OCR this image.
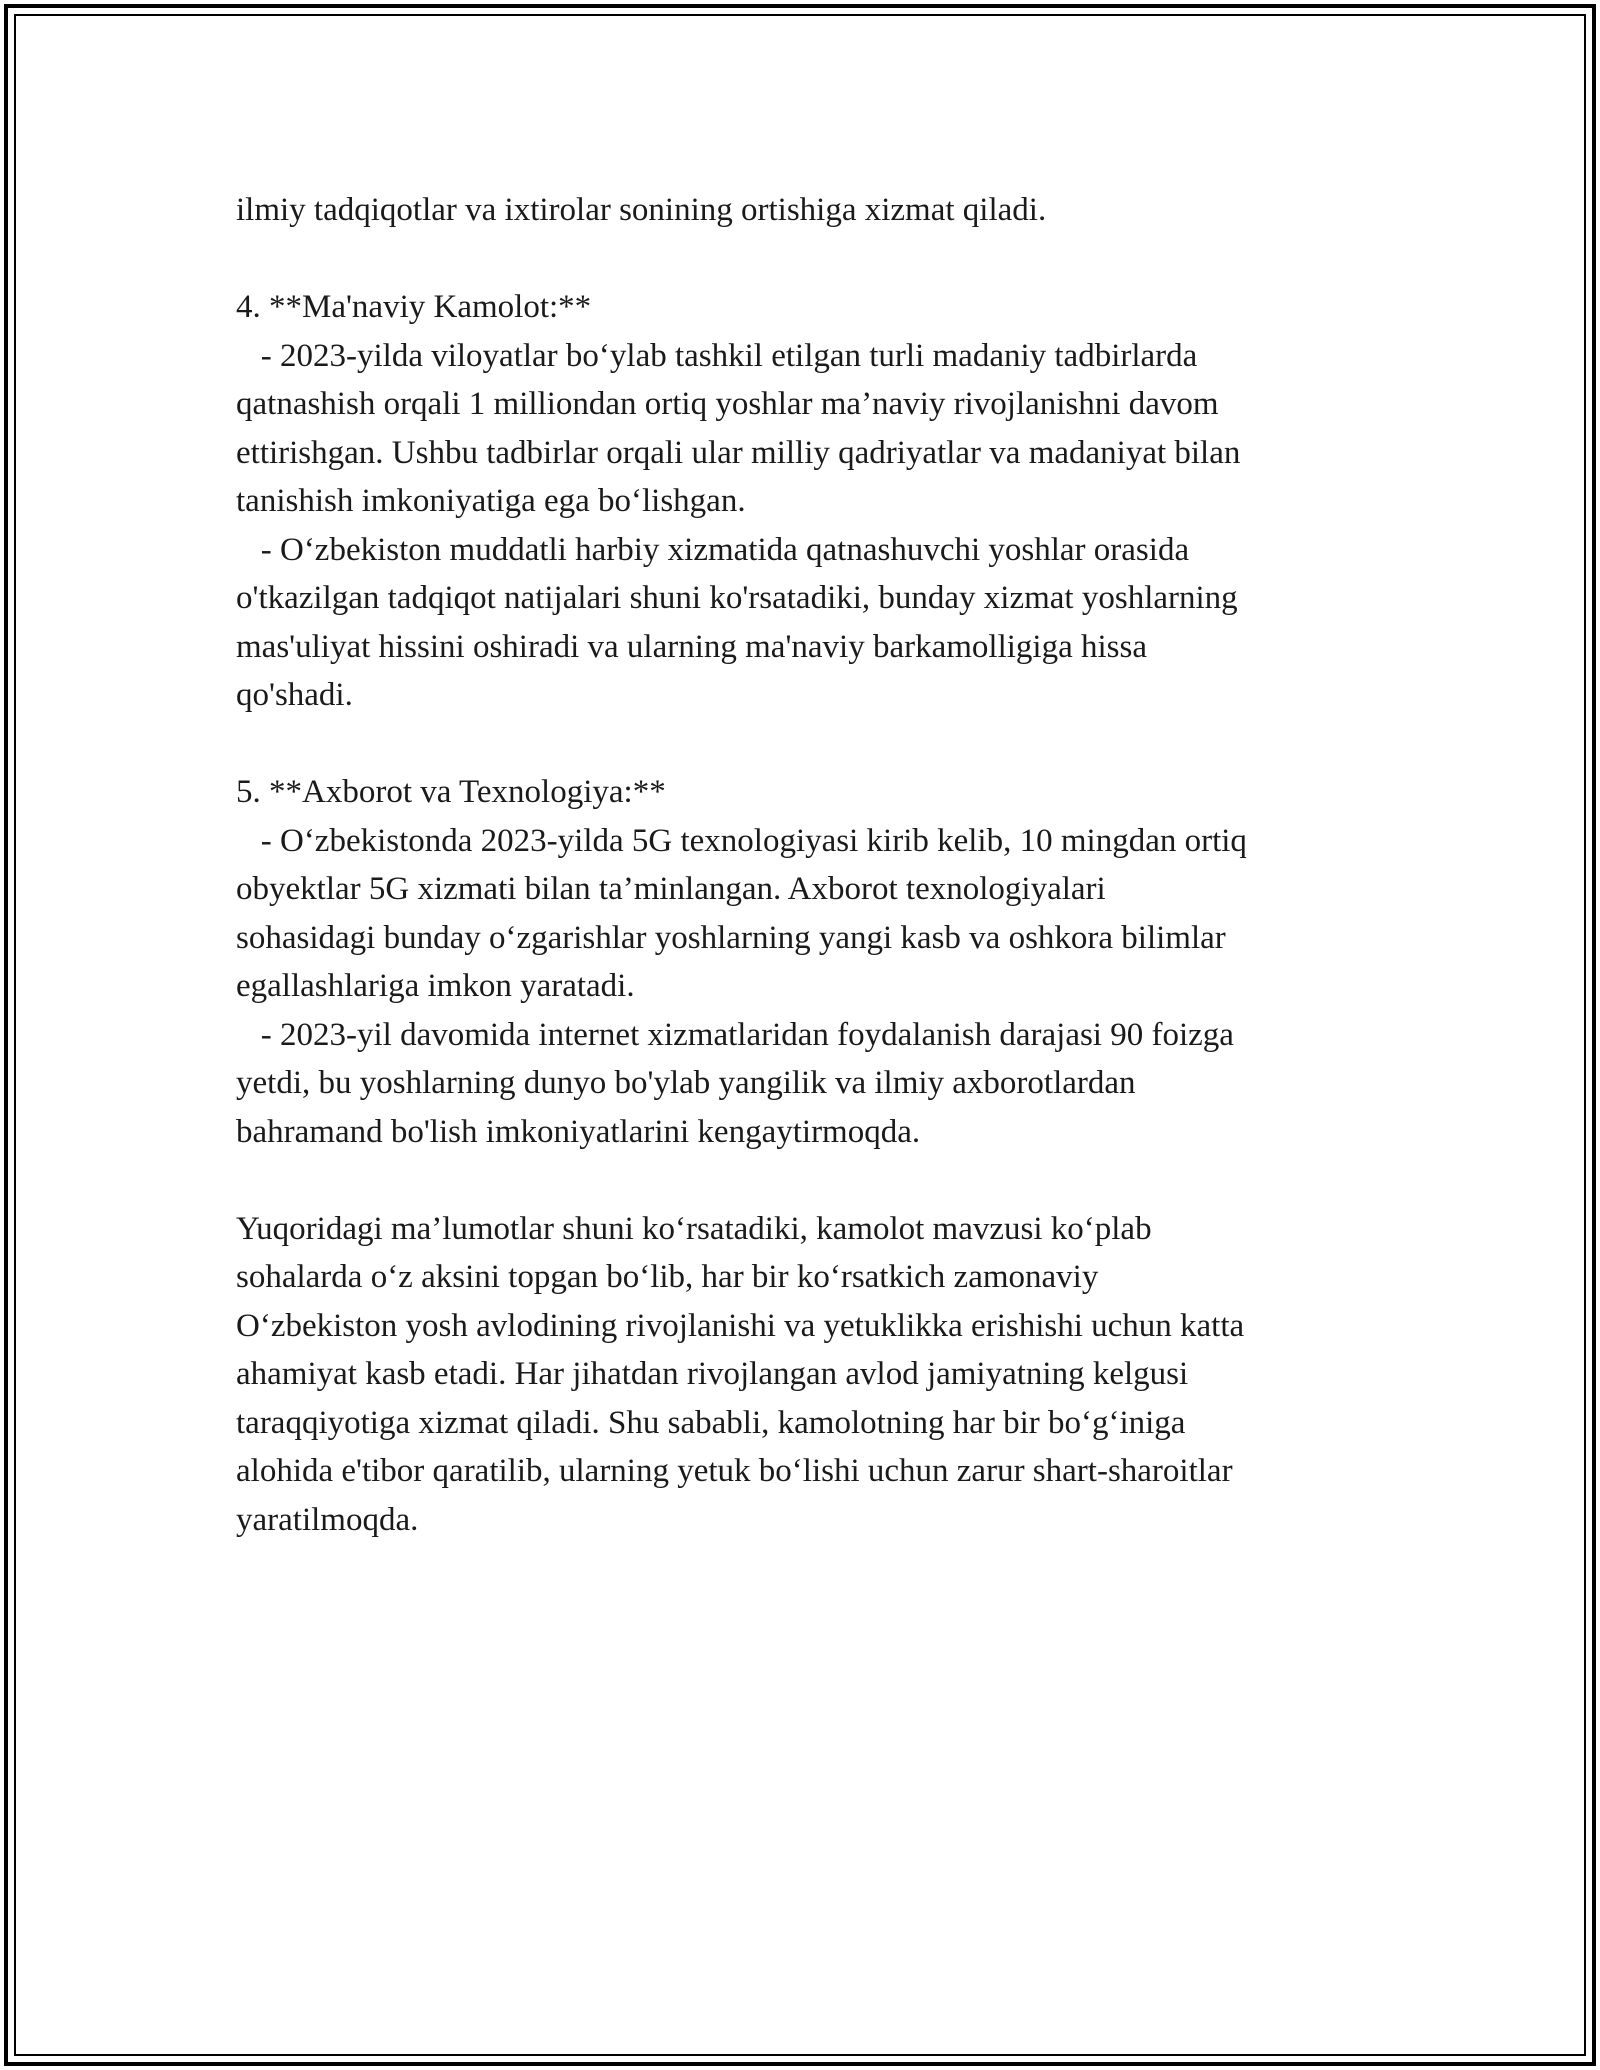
ilmiy tadqiqotlar va ixtirolar sonining ortishiga xizmat qiladi.
4. **Ma'naviy Kamolot:**
- 2023-yilda viloyatlar boʻylab tashkil etilgan turli madaniy tadbirlarda
qatnashish orqali 1 milliondan ortiq yoshlar ma’naviy rivojlanishni davom
ettirishgan. Ushbu tadbirlar orqali ular milliy qadriyatlar va madaniyat bilan
tanishish imkoniyatiga ega boʻlishgan.
- Oʻzbekiston muddatli harbiy xizmatida qatnashuvchi yoshlar orasida
o'tkazilgan tadqiqot natijalari shuni ko'rsatadiki, bunday xizmat yoshlarning
mas'uliyat hissini oshiradi va ularning ma'naviy barkamolligiga hissa
qo'shadi.
5. **Axborot va Texnologiya:**
- Oʻzbekistonda 2023-yilda 5G texnologiyasi kirib kelib, 10 mingdan ortiq
obyektlar 5G xizmati bilan ta’minlangan. Axborot texnologiyalari
sohasidagi bunday oʻzgarishlar yoshlarning yangi kasb va oshkora bilimlar
egallashlariga imkon yaratadi.
- 2023-yil davomida internet xizmatlaridan foydalanish darajasi 90 foizga
yetdi, bu yoshlarning dunyo bo'ylab yangilik va ilmiy axborotlardan
bahramand bo'lish imkoniyatlarini kengaytirmoqda.
Yuqoridagi ma’lumotlar shuni koʻrsatadiki, kamolot mavzusi koʻplab
sohalarda oʻz aksini topgan boʻlib, har bir koʻrsatkich zamonaviy
Oʻzbekiston yosh avlodining rivojlanishi va yetuklikka erishishi uchun katta
ahamiyat kasb etadi. Har jihatdan rivojlangan avlod jamiyatning kelgusi
taraqqiyotiga xizmat qiladi. Shu sababli, kamolotning har bir boʻgʻiniga
alohida e'tibor qaratilib, ularning yetuk boʻlishi uchun zarur shart-sharoitlar
yaratilmoqda.
